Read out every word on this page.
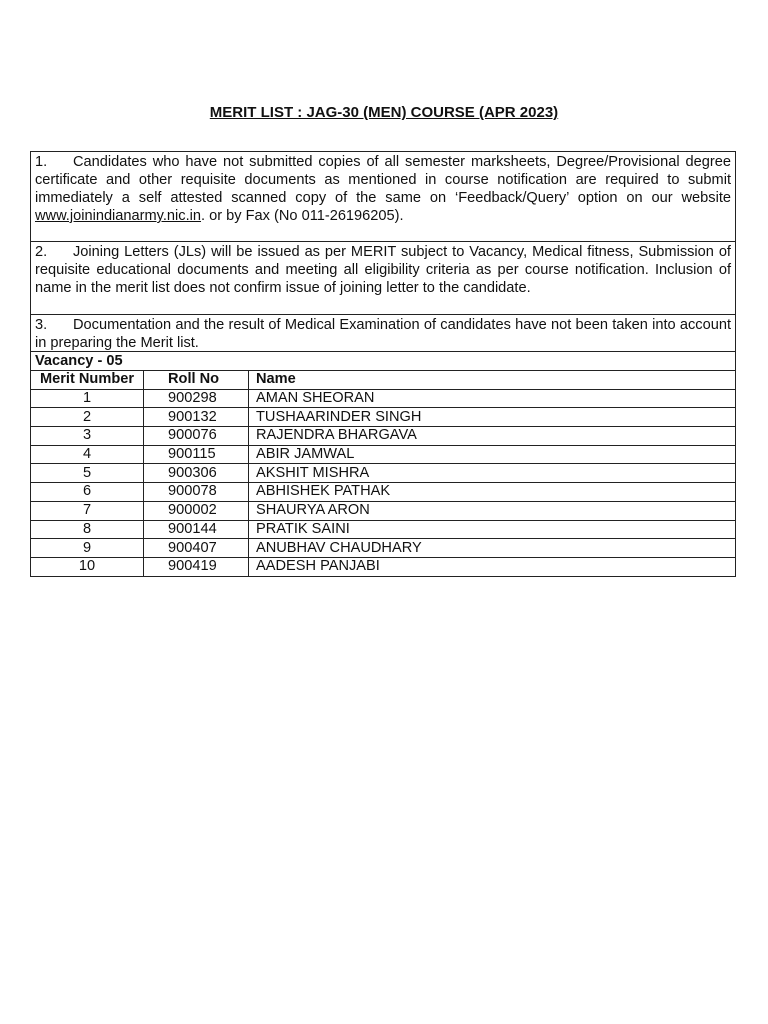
MERIT LIST : JAG-30 (MEN) COURSE (APR 2023)
1. Candidates who have not submitted copies of all semester marksheets, Degree/Provisional degree certificate and other requisite documents as mentioned in course notification are required to submit immediately a self attested scanned copy of the same on ‘Feedback/Query’ option on our website www.joinindianarmy.nic.in. or by Fax (No 011-26196205).
2. Joining Letters (JLs) will be issued as per MERIT subject to Vacancy, Medical fitness, Submission of requisite educational documents and meeting all eligibility criteria as per course notification. Inclusion of name in the merit list does not confirm issue of joining letter to the candidate.
3. Documentation and the result of Medical Examination of candidates have not been taken into account in preparing the Merit list.
Vacancy - 05
Merit Number	Roll No	Name
1	900298	AMAN SHEORAN
2	900132	TUSHAARINDER SINGH
3	900076	RAJENDRA BHARGAVA
4	900115	ABIR JAMWAL
5	900306	AKSHIT MISHRA
6	900078	ABHISHEK PATHAK
7	900002	SHAURYA ARON
8	900144	PRATIK SAINI
9	900407	ANUBHAV CHAUDHARY
10	900419	AADESH PANJABI
